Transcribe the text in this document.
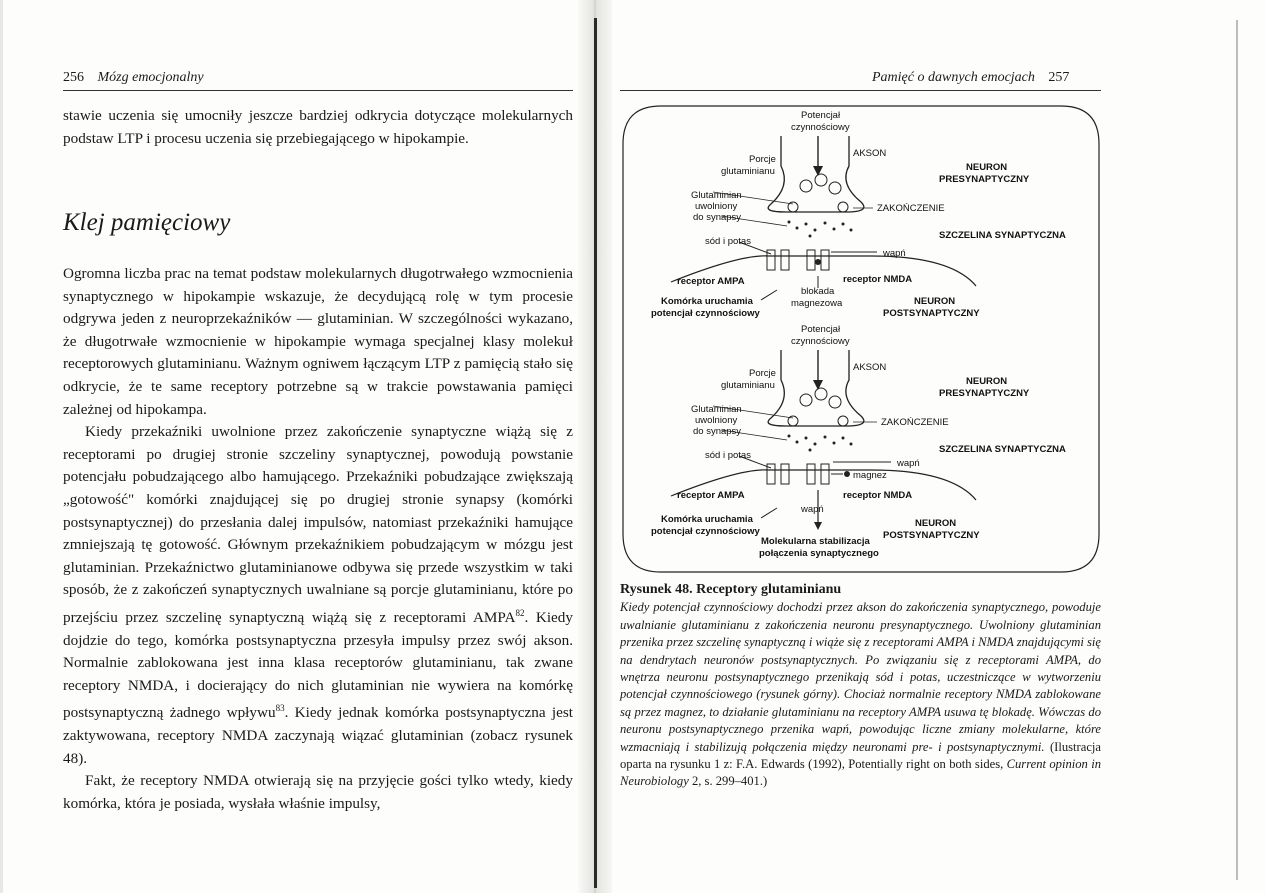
256 Mózg emocjonalny

stawie uczenia się umocniły jeszcze bardziej odkrycia dotyczące molekularnych podstaw LTP i procesu uczenia się przebiegającego w hipokampie.

Klej pamięciowy

Ogromna liczba prac na temat podstaw molekularnych długotrwałego wzmocnienia synaptycznego w hipokampie wskazuje, że decydującą rolę w tym procesie odgrywa jeden z neuroprzekaźników — glutaminian. W szczególności wykazano, że długotrwałe wzmocnienie w hipokampie wymaga specjalnej klasy molekuł receptorowych glutaminianu. Ważnym ogniwem łączącym LTP z pamięcią stało się odkrycie, że te same receptory potrzebne są w trakcie powstawania pamięci zależnej od hipokampa.

Kiedy przekaźniki uwolnione przez zakończenie synaptyczne wiążą się z receptorami po drugiej stronie szczeliny synaptycznej, powodują powstanie potencjału pobudzającego albo hamującego. Przekaźniki pobudzające zwiększają „gotowość" komórki znajdującej się po drugiej stronie synapsy (komórki postsynaptycznej) do przesłania dalej impulsów, natomiast przekaźniki hamujące zmniejszają tę gotowość. Głównym przekaźnikiem pobudzającym w mózgu jest glutaminian. Przekaźnictwo glutaminianowe odbywa się przede wszystkim w taki sposób, że z zakończeń synaptycznych uwalniane są porcje glutaminianu, które po przejściu przez szczelinę synaptyczną wiążą się z receptorami AMPA$^{82}$. Kiedy dojdzie do tego, komórka postsynaptyczna przesyła impulsy przez swój akson. Normalnie zablokowana jest inna klasa receptorów glutaminianu, tak zwane receptory NMDA, i docierający do nich glutaminian nie wywiera na komórkę postsynaptyczną żadnego wpływu$^{83}$. Kiedy jednak komórka postsynaptyczna jest zaktywowana, receptory NMDA zaczynają wiązać glutaminian (zobacz rysunek 48).

Fakt, że receptory NMDA otwierają się na przyjęcie gości tylko wtedy, kiedy komórka, która je posiada, wysłała właśnie impulsy,

Pamięć o dawnych emocjach 257
Potencjał
czynnościowy
AKSON
Porcje
glutaminianu	NEURON
PRESYNAPTYCZNY
Glutaminian
uwolniony
do synapsy
ZAKOŃCZENIE
SZCZELINA SYNAPTYCZNA
sód i potas
wapń
receptor AMPA	receptor NMDA
blokada
magnezowa
Komórka uruchamia
potencjał czynnościowy
NEURON
POSTSYNAPTYCZNY
Potencjał
czynnościowy
AKSON
Porcje
glutaminianu	NEURON
PRESYNAPTYCZNY
Glutaminian
uwolniony
do synapsy
ZAKOŃCZENIE
SZCZELINA SYNAPTYCZNA
sód i potas
wapń
magnez
receptor AMPA	receptor NMDA
wapń
Komórka uruchamia
potencjał czynnościowy
Molekularna stabilizacja
połączenia synaptycznego
NEURON
POSTSYNAPTYCZNY
Rysunek 48. Receptory glutaminianu
Kiedy potencjał czynnościowy dochodzi przez akson do zakończenia synaptycznego, powoduje uwalnianie glutaminianu z zakończenia neuronu presynaptycznego. Uwolniony glutaminian przenika przez szczelinę synaptyczną i wiąże się z receptorami AMPA i NMDA znajdującymi się na dendrytach neuronów postsynaptycznych. Po związaniu się z receptorami AMPA, do wnętrza neuronu postsynaptycznego przenikają sód i potas, uczestniczące w wytworzeniu potencjał czynnościowego (rysunek górny). Chociaż normalnie receptory NMDA zablokowane są przez magnez, to działanie glutaminianu na receptory AMPA usuwa tę blokadę. Wówczas do neuronu postsynaptycznego przenika wapń, powodując liczne zmiany molekularne, które wzmacniają i stabilizują połączenia między neuronami pre- i postsynaptycznymi. (Ilustracja oparta na rysunku 1 z: F.A. Edwards (1992), Potentially right on both sides, Current opinion in Neurobiology 2, s. 299–401.)
